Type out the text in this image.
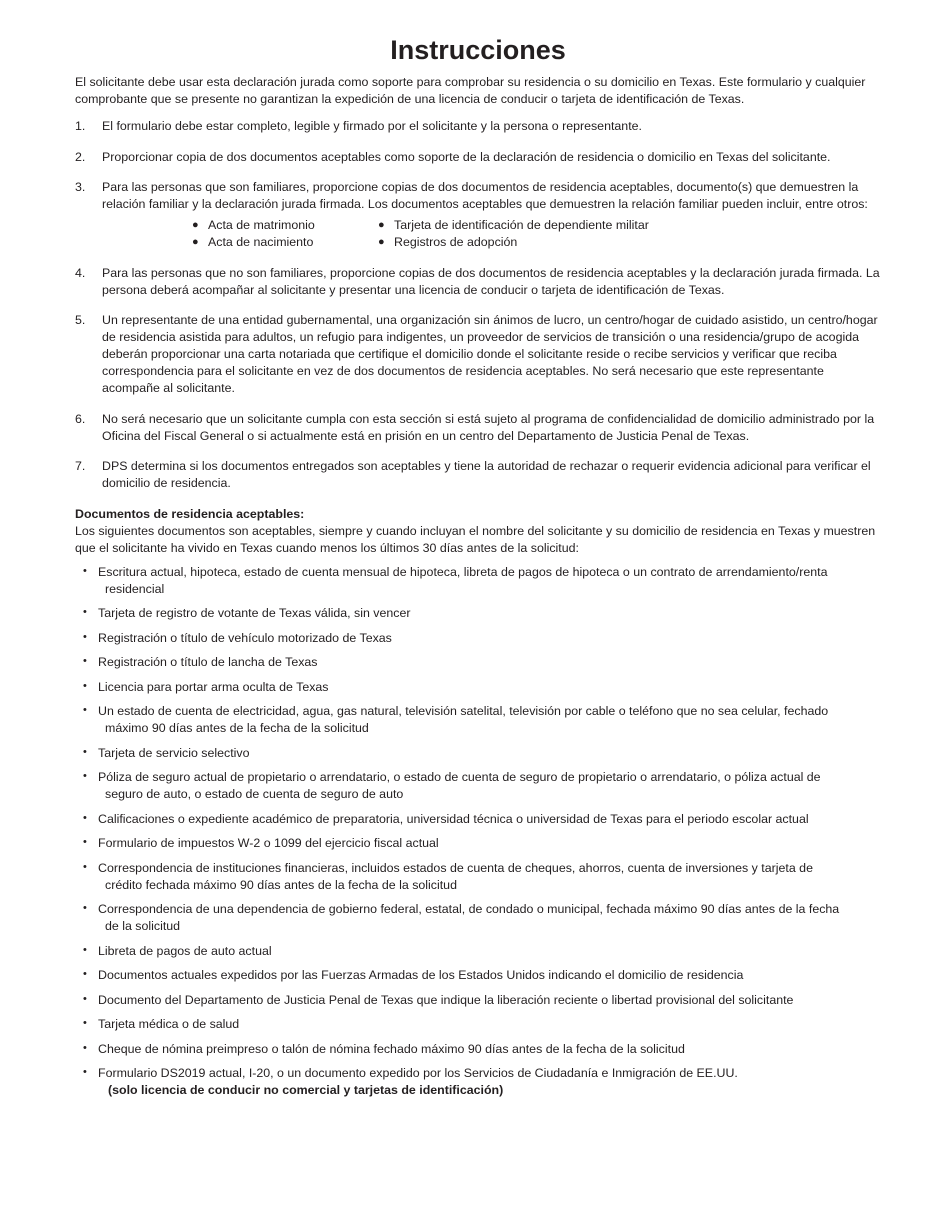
Instrucciones

El solicitante debe usar esta declaración jurada como soporte para comprobar su residencia o su domicilio en Texas. Este formulario y cualquier comprobante que se presente no garantizan la expedición de una licencia de conducir o tarjeta de identificación de Texas.

1. El formulario debe estar completo, legible y firmado por el solicitante y la persona o representante.
2. Proporcionar copia de dos documentos aceptables como soporte de la declaración de residencia o domicilio en Texas del solicitante.
3. Para las personas que son familiares, proporcione copias de dos documentos de residencia aceptables, documento(s) que demuestren la relación familiar y la declaración jurada firmada. Los documentos aceptables que demuestren la relación familiar pueden incluir, entre otros:
● Acta de matrimonio
● Acta de nacimiento
● Tarjeta de identificación de dependiente militar
● Registros de adopción
4. Para las personas que no son familiares, proporcione copias de dos documentos de residencia aceptables y la declaración jurada firmada. La persona deberá acompañar al solicitante y presentar una licencia de conducir o tarjeta de identificación de Texas.
5. Un representante de una entidad gubernamental, una organización sin ánimos de lucro, un centro/hogar de cuidado asistido, un centro/hogar de residencia asistida para adultos, un refugio para indigentes, un proveedor de servicios de transición o una residencia/grupo de acogida deberán proporcionar una carta notariada que certifique el domicilio donde el solicitante reside o recibe servicios y verificar que reciba correspondencia para el solicitante en vez de dos documentos de residencia aceptables. No será necesario que este representante acompañe al solicitante.
6. No será necesario que un solicitante cumpla con esta sección si está sujeto al programa de confidencialidad de domicilio administrado por la Oficina del Fiscal General o si actualmente está en prisión en un centro del Departamento de Justicia Penal de Texas.
7. DPS determina si los documentos entregados son aceptables y tiene la autoridad de rechazar o requerir evidencia adicional para verificar el domicilio de residencia.
Documentos de residencia aceptables:

Los siguientes documentos son aceptables, siempre y cuando incluyan el nombre del solicitante y su domicilio de residencia en Texas y muestren que el solicitante ha vivido en Texas cuando menos los últimos 30 días antes de la solicitud:

• Escritura actual, hipoteca, estado de cuenta mensual de hipoteca, libreta de pagos de hipoteca o un contrato de arrendamiento/renta
residencial
• Tarjeta de registro de votante de Texas válida, sin vencer
• Registración o título de vehículo motorizado de Texas
• Registración o título de lancha de Texas
• Licencia para portar arma oculta de Texas
• Un estado de cuenta de electricidad, agua, gas natural, televisión satelital, televisión por cable o teléfono que no sea celular, fechado
máximo 90 días antes de la fecha de la solicitud
• Tarjeta de servicio selectivo
• Póliza de seguro actual de propietario o arrendatario, o estado de cuenta de seguro de propietario o arrendatario, o póliza actual de
seguro de auto, o estado de cuenta de seguro de auto
• Calificaciones o expediente académico de preparatoria, universidad técnica o universidad de Texas para el periodo escolar actual
• Formulario de impuestos W-2 o 1099 del ejercicio fiscal actual
• Correspondencia de instituciones financieras, incluidos estados de cuenta de cheques, ahorros, cuenta de inversiones y tarjeta de
crédito fechada máximo 90 días antes de la fecha de la solicitud
• Correspondencia de una dependencia de gobierno federal, estatal, de condado o municipal, fechada máximo 90 días antes de la fecha
de la solicitud
• Libreta de pagos de auto actual
• Documentos actuales expedidos por las Fuerzas Armadas de los Estados Unidos indicando el domicilio de residencia
• Documento del Departamento de Justicia Penal de Texas que indique la liberación reciente o libertad provisional del solicitante
• Tarjeta médica o de salud
• Cheque de nómina preimpreso o talón de nómina fechado máximo 90 días antes de la fecha de la solicitud
• Formulario DS2019 actual, I-20, o un documento expedido por los Servicios de Ciudadanía e Inmigración de EE.UU.
(solo licencia de conducir no comercial y tarjetas de identificación)
